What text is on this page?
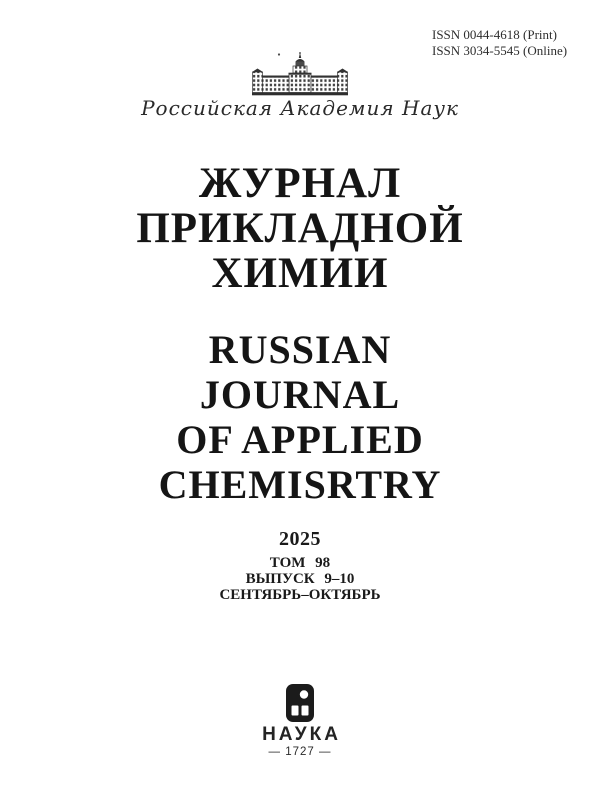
ISSN 0044-4618 (Print)
ISSN 3034-5545 (Online)
Российская Академия Наук
ЖУРНАЛ
ПРИКЛАДНОЙ
ХИМИИ
RUSSIAN
JOURNAL
OF APPLIED
CHEMISRTRY
2025
ТОМ 98
ВЫПУСК 9–10
СЕНТЯБРЬ–ОКТЯБРЬ
НАУКА
— 1727 —
